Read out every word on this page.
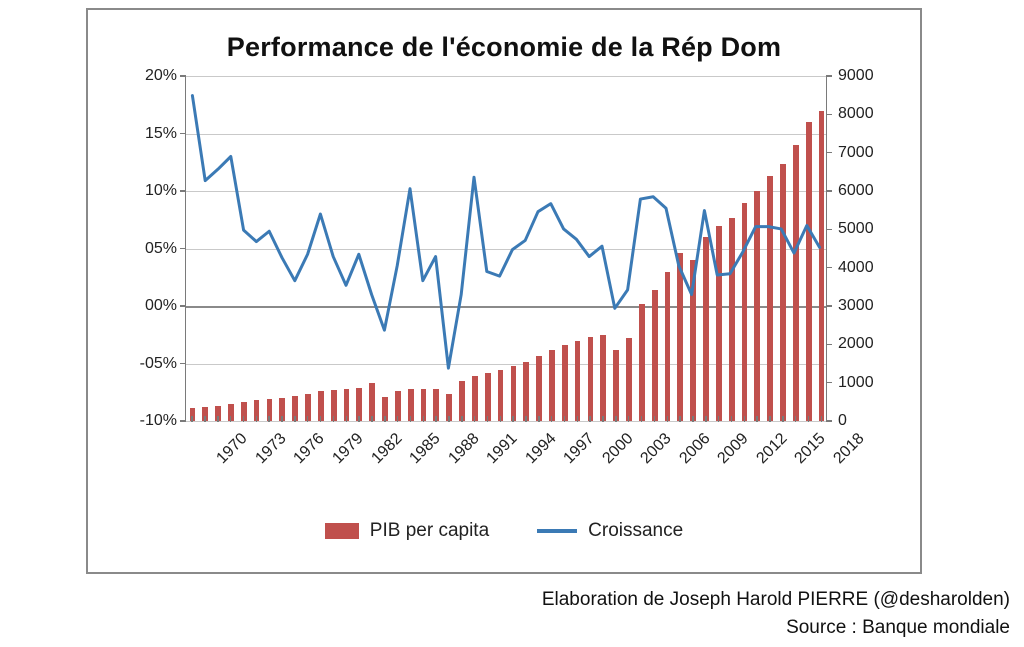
Performance de l'économie de la Rép Dom
-10%
-05%
00%
05%
10%
15%
20%
0
1000
2000
3000
4000
5000
6000
7000
8000
9000
1970 1973 1976 1979 1982 1985 1988 1991 1994 1997 2000 2003 2006 2009 2012 2015 2018
PIB per capita	Croissance
Elaboration de Joseph Harold PIERRE (@desharolden)
Source : Banque mondiale
